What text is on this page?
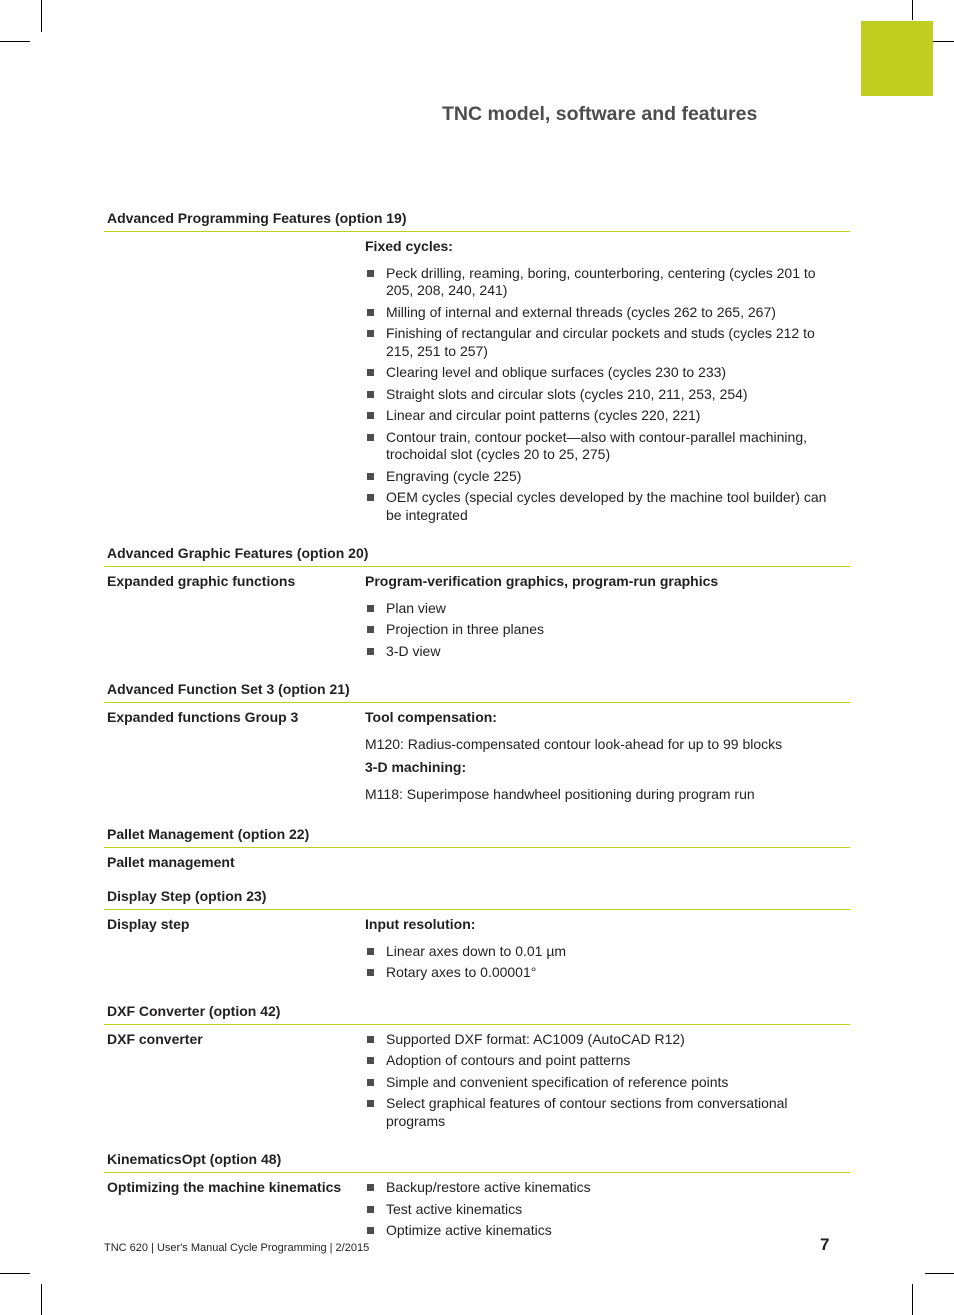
TNC model, software and features
Advanced Programming Features (option 19)
Fixed cycles:
Peck drilling, reaming, boring, counterboring, centering (cycles 201 to 205, 208, 240, 241)
Milling of internal and external threads (cycles 262 to 265, 267)
Finishing of rectangular and circular pockets and studs (cycles 212 to 215, 251 to 257)
Clearing level and oblique surfaces (cycles 230 to 233)
Straight slots and circular slots (cycles 210, 211, 253, 254)
Linear and circular point patterns (cycles 220, 221)
Contour train, contour pocket—also with contour-parallel machining, trochoidal slot (cycles 20 to 25, 275)
Engraving (cycle 225)
OEM cycles (special cycles developed by the machine tool builder) can be integrated
Advanced Graphic Features (option 20)
Expanded graphic functions	Program-verification graphics, program-run graphics
Plan view
Projection in three planes
3-D view
Advanced Function Set 3 (option 21)
Expanded functions Group 3	Tool compensation:
M120: Radius-compensated contour look-ahead for up to 99 blocks
3-D machining:
M118: Superimpose handwheel positioning during program run
Pallet Management (option 22)
Pallet management
Display Step (option 23)
Display step	Input resolution:
Linear axes down to 0.01 µm
Rotary axes to 0.00001°
DXF Converter (option 42)
DXF converter	Supported DXF format: AC1009 (AutoCAD R12)
Adoption of contours and point patterns
Simple and convenient specification of reference points
Select graphical features of contour sections from conversational programs
KinematicsOpt (option 48)
Optimizing the machine kinematics	Backup/restore active kinematics
Test active kinematics
Optimize active kinematics
TNC 620 | User's Manual Cycle Programming | 2/2015	7
